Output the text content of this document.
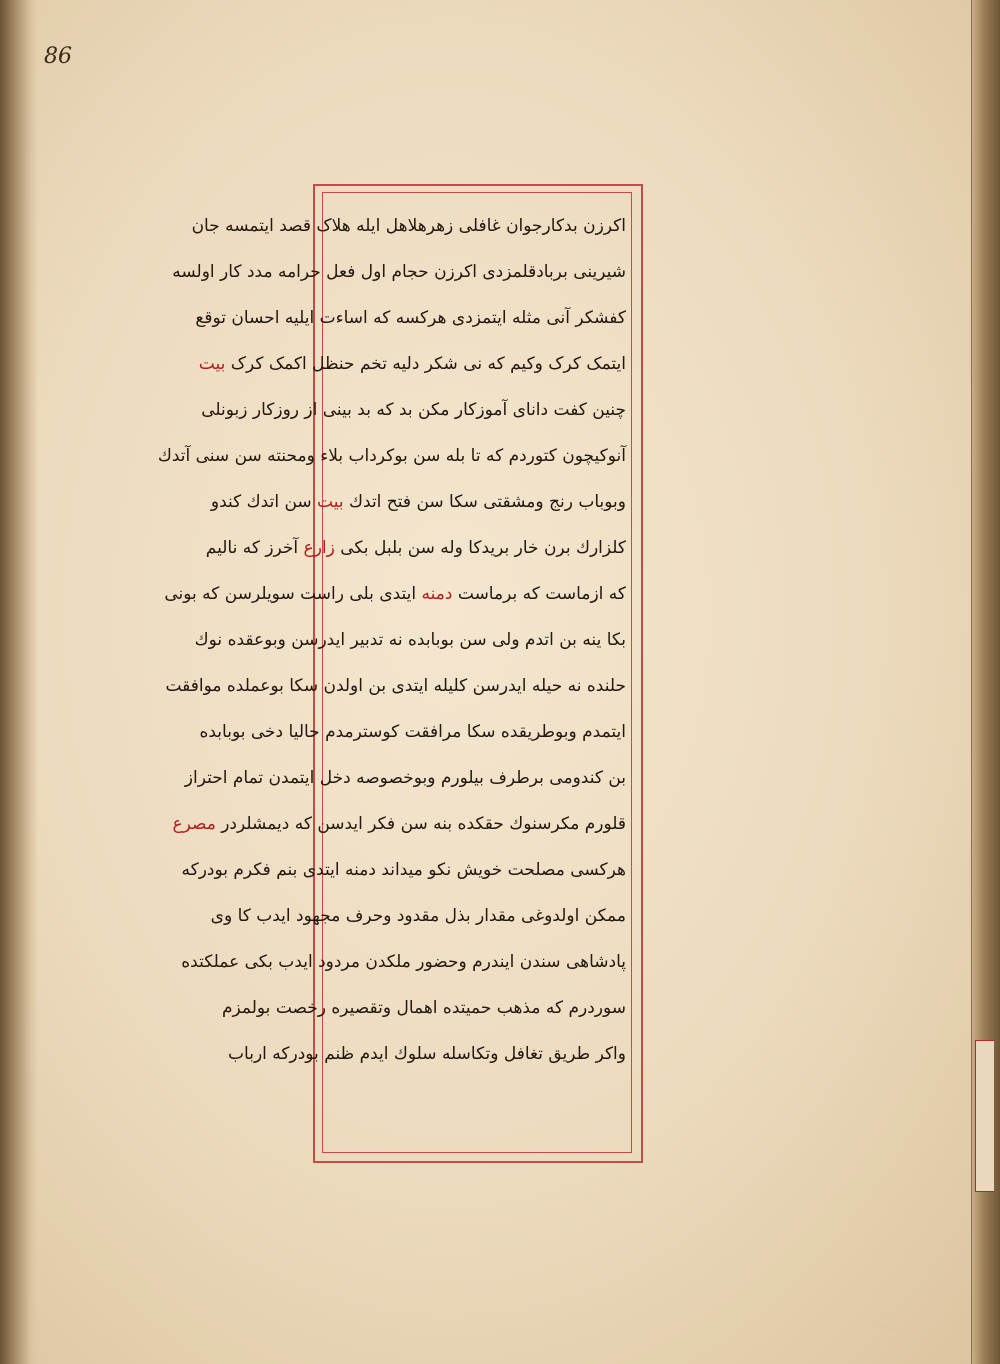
86
اکرزن بدکارجوان غافلی زهرهلاهل ایله هلاک قصد ایتمسه جان
شیرینی بربادقلمزدی اکرزن حجام اول فعل حرامه مدد کار اولسه
کفشکر آنی مثله ایتمزدی هرکسه که اساءت ایلیه احسان توقع
ایتمک کرک وکیم که نی شکر دلیه تخم حنظل اکمک کرک بیت
چنین کفت دانای آموزکار مکن بد که بد بینی از روزکار زبونلی
آنوکیچون کتوردم که تا بله سن بوکرداب بلاء ومحنته سن سنی آتدك
وبوباب رنج ومشقتی سکا سن فتح اتدك بیت سن اتدك کندو
کلزارك برن خار بریدکا وله سن بلبل بکی زارع آخرز که نالیم
که ازماست که برماست دمنه ایتدی بلی راست سویلرسن که بونی
بکا ینه بن اتدم ولی سن بوبابده نه تدبیر ایدرسن وبوعقده نوك
حلنده نه حیله ایدرسن کلیله ایتدی بن اولدن سکا بوعملده موافقت
ایتمدم وبوطریقده سکا مرافقت کوسترمدم حالیا دخی بوبابده
بن کندومی برطرف بیلورم وبوخصوصه دخل ایتمدن تمام احتراز
قلورم مکرسنوك حقکده بنه سن فکر ایدسن که دیمشلردر مصرع
هرکسی مصلحت خویش نکو میداند دمنه ایتدی بنم فکرم بودرکه
ممکن اولدوغی مقدار بذل مقدود وحرف مجهود ایدب کا وی
پادشاهی سندن ایندرم وحضور ملکدن مردود ایدب بکی عملکتده
سوردرم که مذهب حمیتده اهمال وتقصیره رخصت بولمزم
واکر طریق تغافل وتکاسله سلوك ایدم ظنم بودرکه ارباب
